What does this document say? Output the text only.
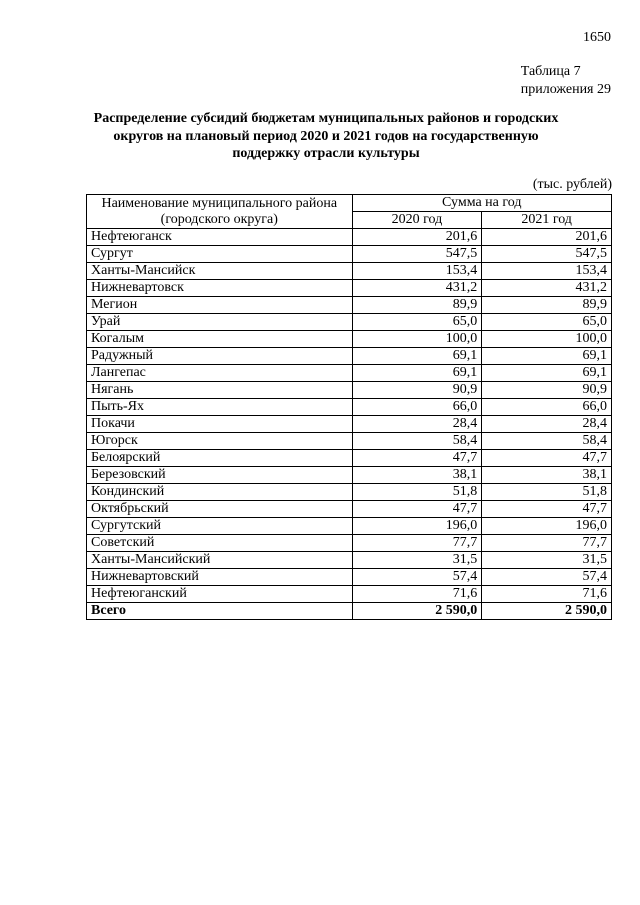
1650
Таблица 7
приложения 29
Распределение субсидий бюджетам муниципальных районов и городских округов на плановый период 2020 и 2021 годов на государственную поддержку отрасли культуры
(тыс. рублей)
Наименование муниципального района
(городского округа)	Сумма на год	
	2020 год	2021 год
Нефтеюганск	201,6	201,6
Сургут	547,5	547,5
Ханты-Мансийск	153,4	153,4
Нижневартовск	431,2	431,2
Мегион	89,9	89,9
Урай	65,0	65,0
Когалым	100,0	100,0
Радужный	69,1	69,1
Лангепас	69,1	69,1
Нягань	90,9	90,9
Пыть-Ях	66,0	66,0
Покачи	28,4	28,4
Югорск	58,4	58,4
Белоярский	47,7	47,7
Березовский	38,1	38,1
Кондинский	51,8	51,8
Октябрьский	47,7	47,7
Сургутский	196,0	196,0
Советский	77,7	77,7
Ханты-Мансийский	31,5	31,5
Нижневартовский	57,4	57,4
Нефтеюганский	71,6	71,6
Всего	2 590,0	2 590,0
